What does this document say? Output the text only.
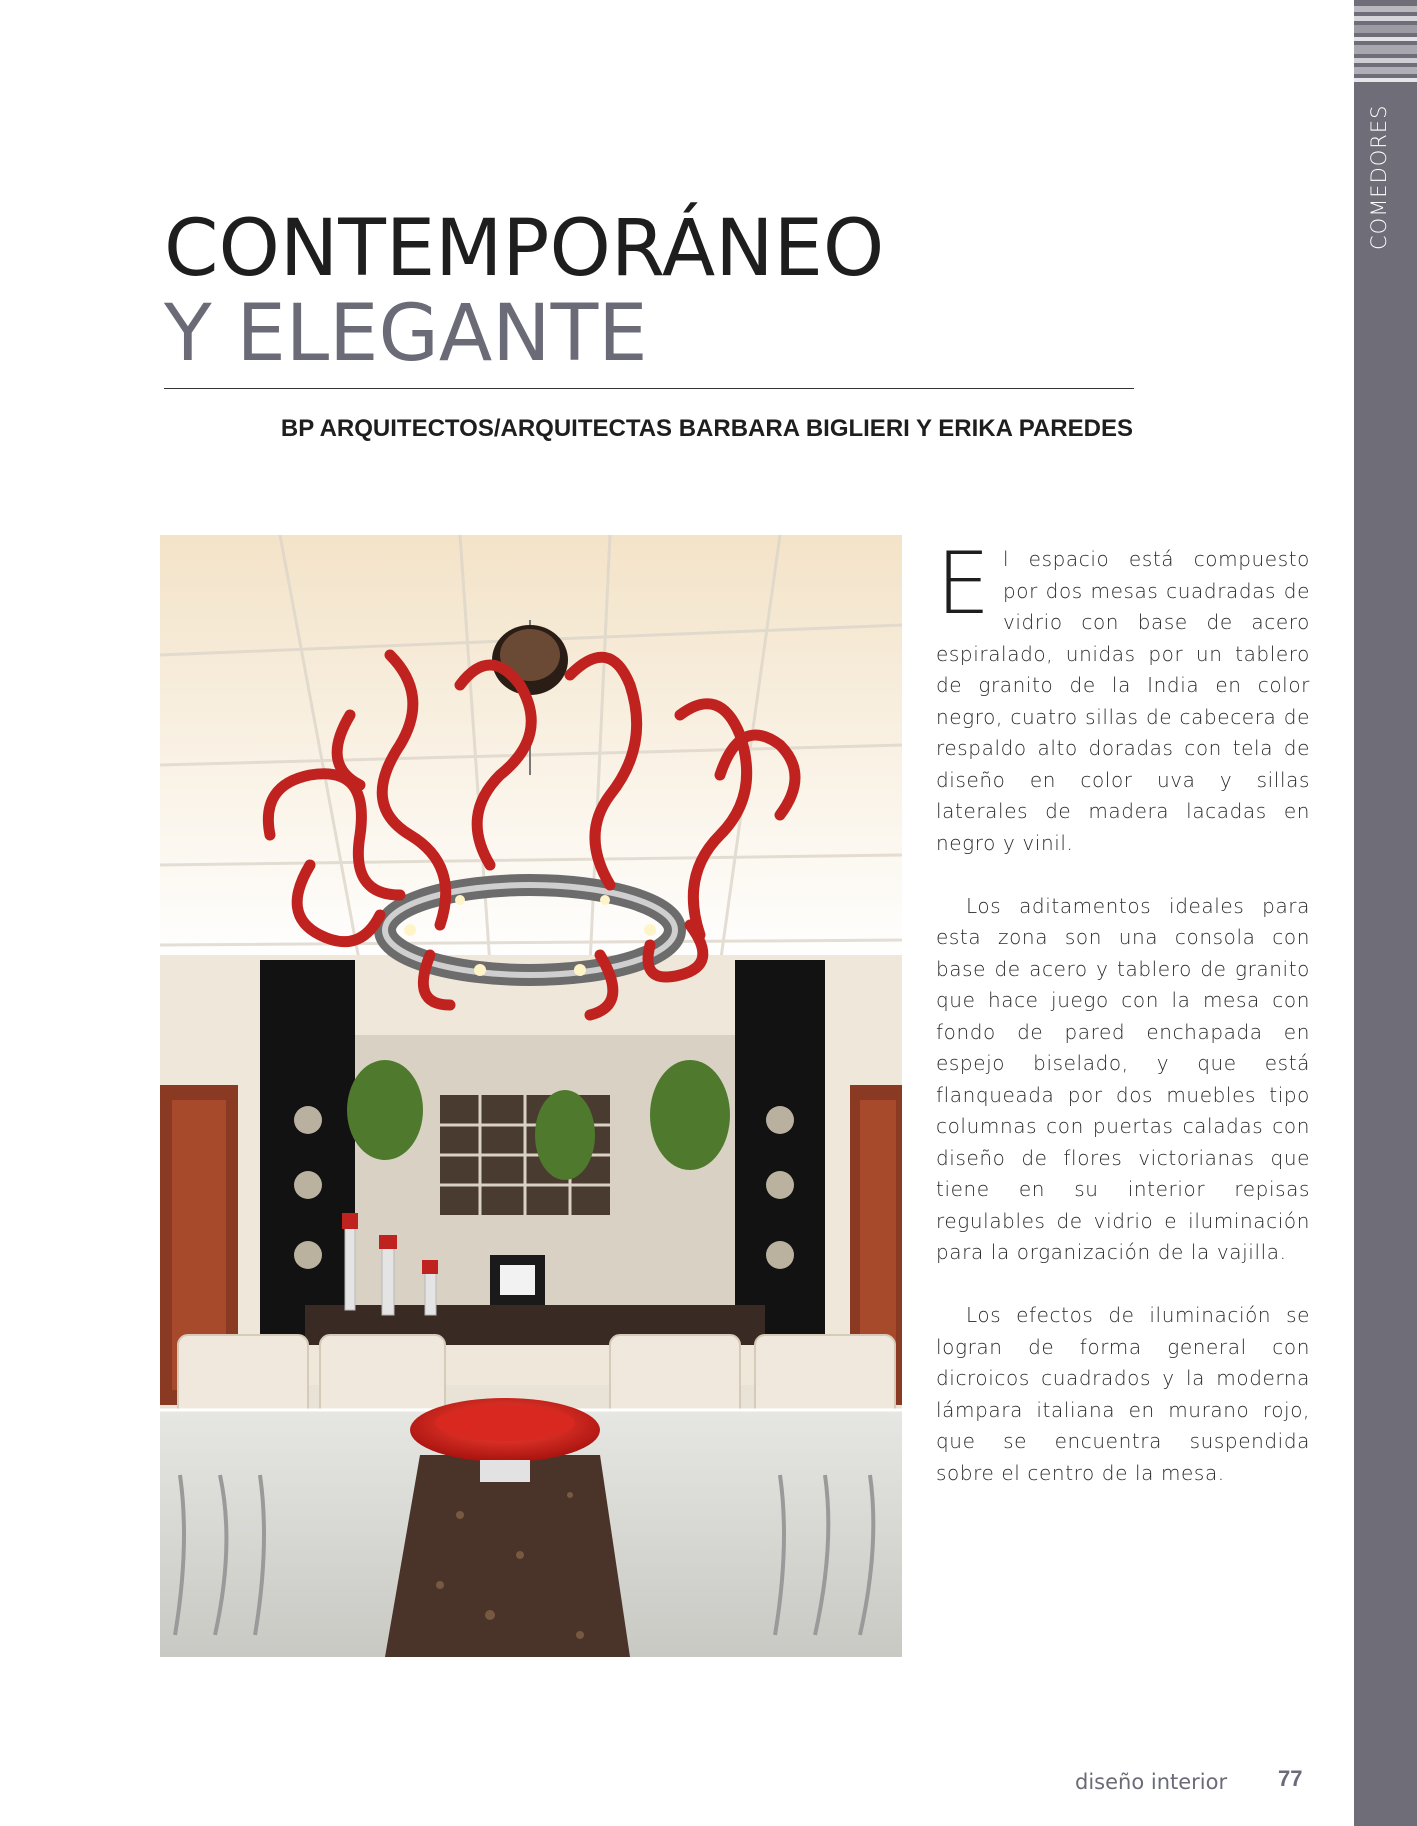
COMEDORES
CONTEMPORÁNEO
Y ELEGANTE
BP ARQUITECTOS/ARQUITECTAS BARBARA BIGLIERI Y ERIKA PAREDES

El espacio está compuesto por dos mesas cuadradas de vidrio con base de acero espiralado, unidas por un tablero de granito de la India en color negro, cuatro sillas de cabecera de respaldo alto doradas con tela de diseño en color uva y sillas laterales de madera lacadas en negro y vinil.

Los aditamentos ideales para esta zona son una consola con base de acero y tablero de granito que hace juego con la mesa con fondo de pared enchapada en espejo biselado, y que está flanqueada por dos muebles tipo columnas con puertas caladas con diseño de flores victorianas que tiene en su interior repisas regulables de vidrio e iluminación para la organización de la vajilla.

Los efectos de iluminación se logran de forma general con dicroicos cuadrados y la moderna lámpara italiana en murano rojo, que se encuentra suspendida sobre el centro de la mesa.

diseño interior 77
